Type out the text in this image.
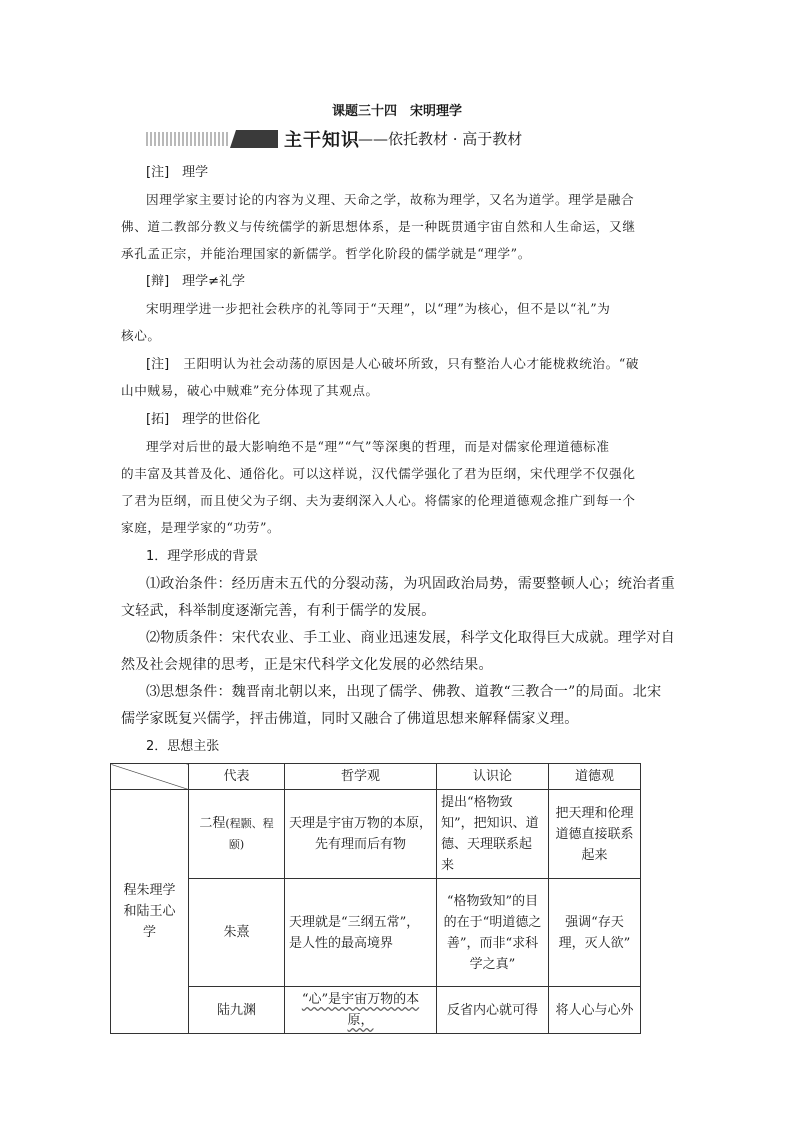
课题三十四　宋明理学
主干知识
——依托教材 · 高于教材
[注]　理学
因理学家主要讨论的内容为义理、天命之学，故称为理学，又名为道学。理学是融合
佛、道二教部分教义与传统儒学的新思想体系，是一种既贯通宇宙自然和人生命运，又继
承孔孟正宗，并能治理国家的新儒学。哲学化阶段的儒学就是“理学”。
[辩]　理学≠礼学
宋明理学进一步把社会秩序的礼等同于“天理”，以“理”为核心，但不是以“礼”为
核心。
[注] 王阳明认为社会动荡的原因是人心破坏所致，只有整治人心才能栊救统治。“破
山中贼易，破心中贼难”充分体现了其观点。
[拓]　理学的世俗化
理学对后世的最大影响绝不是“理”“气”等深奥的哲理，而是对儒家伦理道德标准
的丰富及其普及化、通俗化。可以这样说，汉代儒学强化了君为臣纲，宋代理学不仅强化
了君为臣纲，而且使父为子纲、夫为妻纲深入人心。将儒家的伦理道德观念推广到每一个
家庭，是理学家的“功劳”。
1．理学形成的背景
⑴政治条件：经历唐末五代的分裂动荡，为巩固政治局势，需要整顿人心；统治者重
文轻武，科举制度逐渐完善，有利于儒学的发展。
⑵物质条件：宋代农业、手工业、商业迅速发展，科学文化取得巨大成就。理学对自
然及社会规律的思考，正是宋代科学文化发展的必然结果。
⑶思想条件：魏晋南北朝以来，出现了儒学、佛教、道教“三教合一”的局面。北宋
儒学家既复兴儒学，抨击佛道，同时又融合了佛道思想来解释儒家义理。
2．思想主张
	代表	哲学观	认识论	道德观
程朱理学和陆王心学	二程(程颢、程颐)	天理是宇宙万物的本原，先有理而后有物	提出“格物致知”，把知识、道德、天理联系起来	把天理和伦理道德直接联系起来
	朱熹	天理就是“三纲五常”，是人性的最高境界	“格物致知”的目的在于“明道德之善”，而非“求科学之真”	强调“存天理，灭人欲”
	陆九渊	“心”是宇宙万物的本原，	反省内心就可得	将人心与心外
